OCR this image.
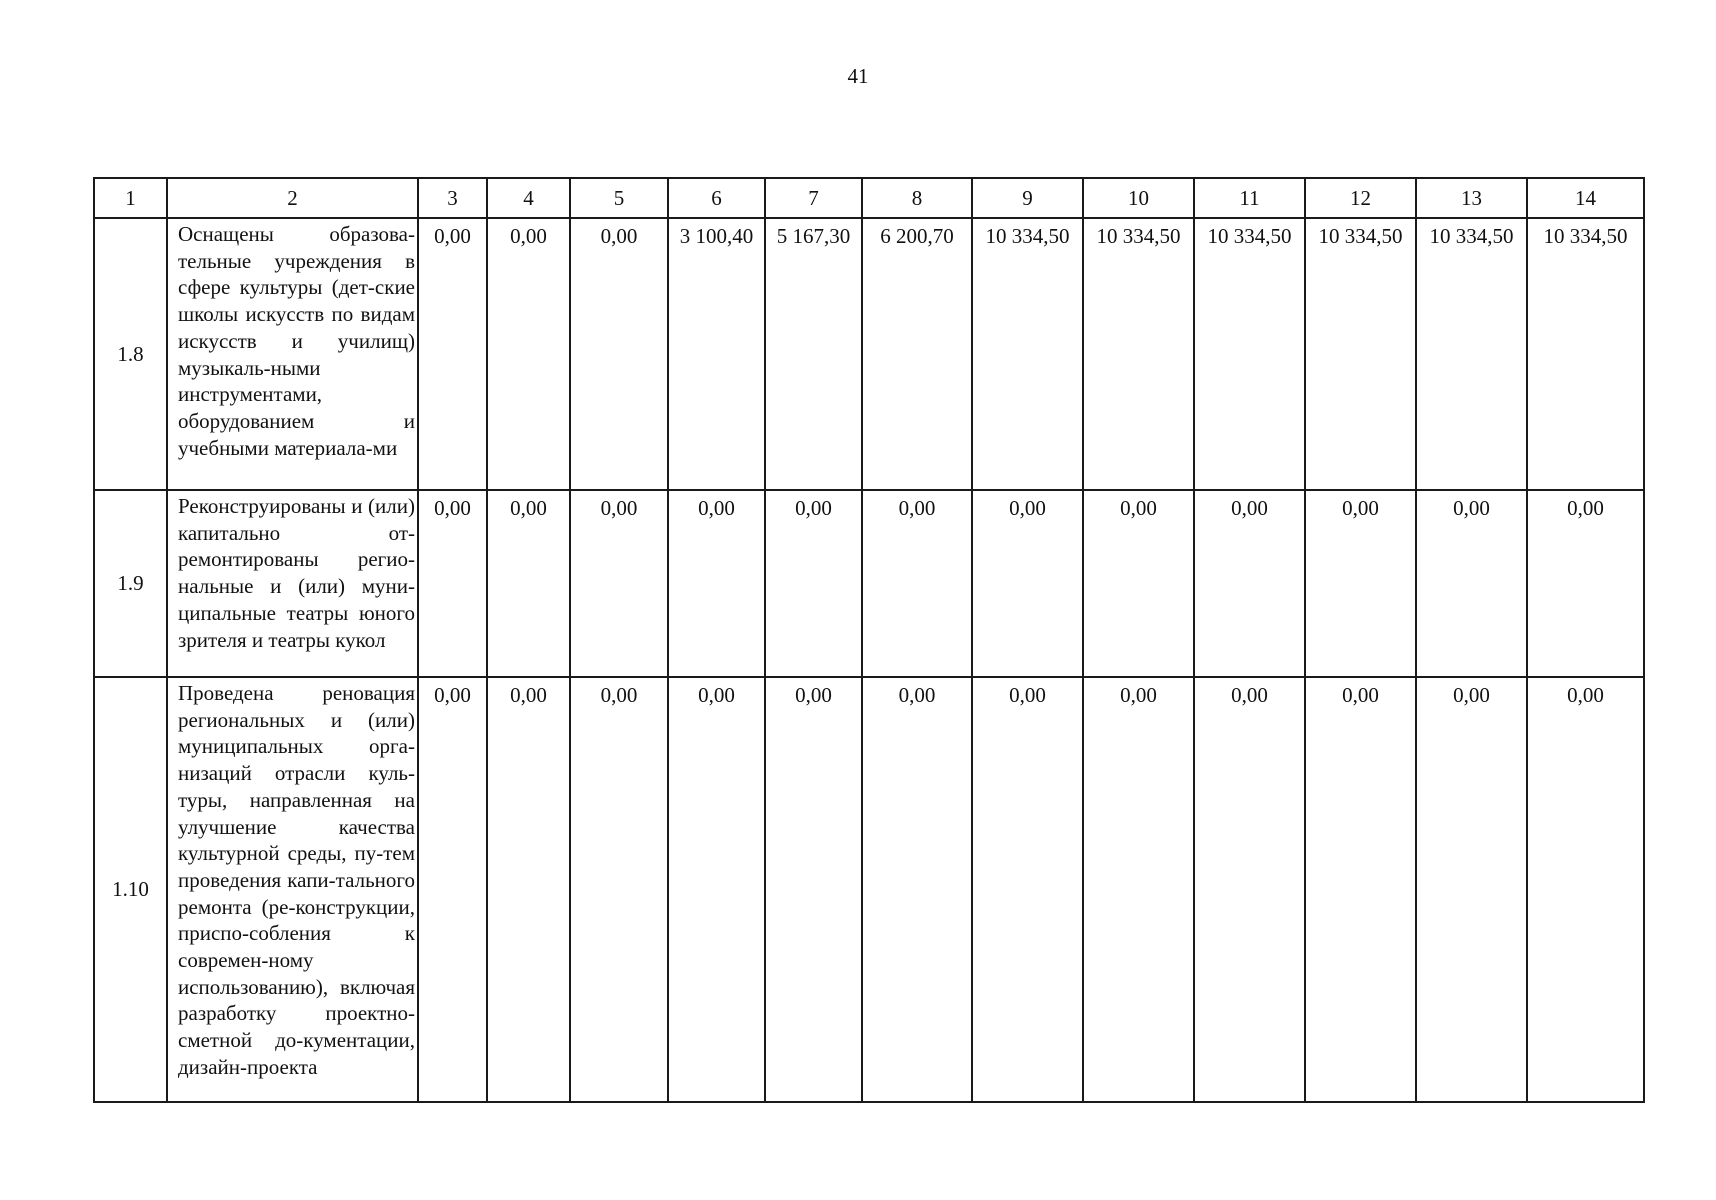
41
1	2	3	4	5	6	7	8	9	10	11	12	13	14
1.8	Оснащены образова-тельные учреждения в сфере культуры (дет-ские школы искусств по видам искусств и училищ) музыкаль-ными инструментами, оборудованием и учебными материала-ми	0,00	0,00	0,00	3 100,40	5 167,30	6 200,70	10 334,50	10 334,50	10 334,50	10 334,50	10 334,50	10 334,50
1.9	Реконструированы и (или) капитально от-ремонтированы регио-нальные и (или) муни-ципальные театры юного зрителя и театры кукол	0,00	0,00	0,00	0,00	0,00	0,00	0,00	0,00	0,00	0,00	0,00	0,00
1.10	Проведена реновация региональных и (или) муниципальных орга-низаций отрасли куль-туры, направленная на улучшение качества культурной среды, пу-тем проведения капи-тального ремонта (ре-конструкции, приспо-собления к современ-ному использованию), включая разработку проектно-сметной до-кументации, дизайн-проекта	0,00	0,00	0,00	0,00	0,00	0,00	0,00	0,00	0,00	0,00	0,00	0,00
